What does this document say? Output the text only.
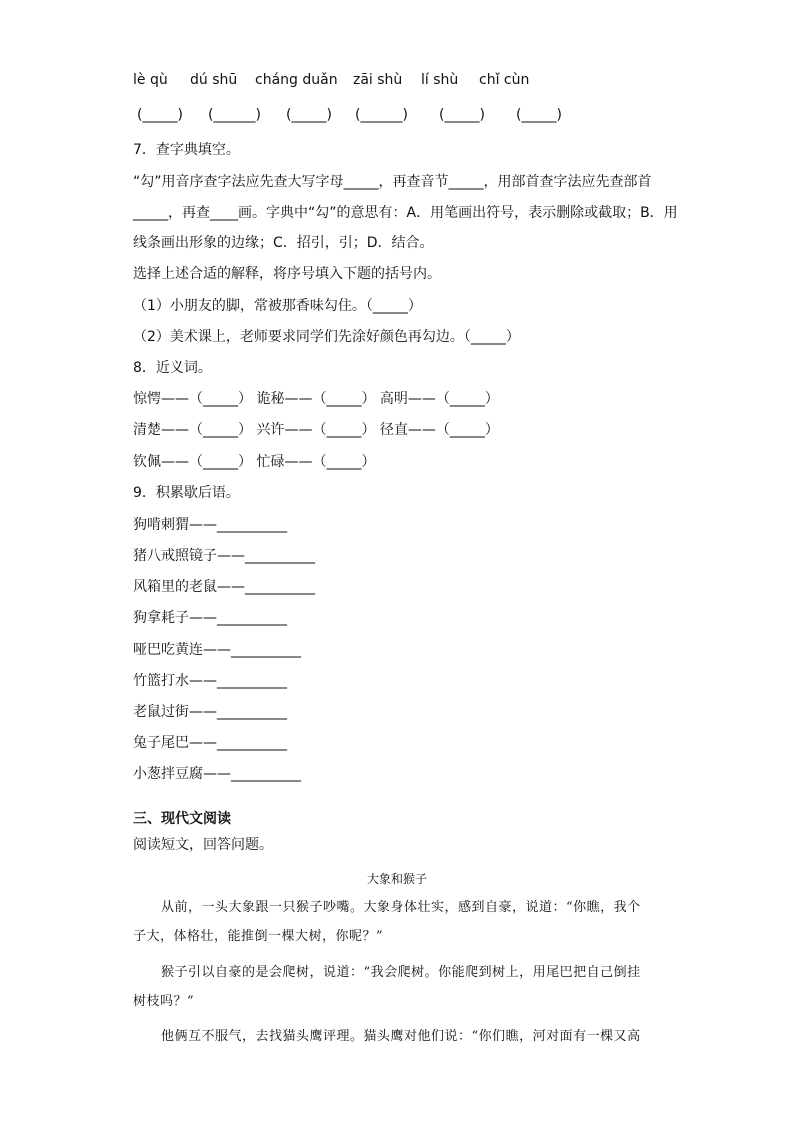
lè qù dú shū cháng duǎn zāi shù lí shù chǐ cùn
(_____) (______) (_____) (______) (_____) (_____)
7．查字典填空。
“勾”用音序查字法应先查大写字母_____，再查音节_____，用部首查字法应先查部首
_____，再查____画。字典中“勾”的意思有：A．用笔画出符号，表示删除或截取；B．用
线条画出形象的边缘；C．招引，引；D．结合。
选择上述合适的解释，将序号填入下题的括号内。
（1）小朋友的脚，常被那香味勾住。（_____）
（2）美术课上，老师要求同学们先涂好颜色再勾边。（_____）
8．近义词。
惊愕——（_____） 诡秘——（_____） 高明——（_____）
清楚——（_____） 兴许——（_____） 径直——（_____）
钦佩——（_____） 忙碌——（_____）
9．积累歇后语。
狗啃刺猬——__________
猪八戒照镜子——__________
风箱里的老鼠——__________
狗拿耗子——__________
哑巴吃黄连——__________
竹篮打水——__________
老鼠过街——__________
兔子尾巴——__________
小葱拌豆腐——__________
三、现代文阅读
阅读短文，回答问题。
大象和猴子
从前，一头大象跟一只猴子吵嘴。大象身体壮实，感到自豪，说道：“你瞧，我个
子大，体格壮，能推倒一棵大树，你呢？”
猴子引以自豪的是会爬树，说道：“我会爬树。你能爬到树上，用尾巴把自己倒挂
树枝吗？”
他俩互不服气，去找猫头鹰评理。猫头鹰对他们说：“你们瞧，河对面有一棵又高
